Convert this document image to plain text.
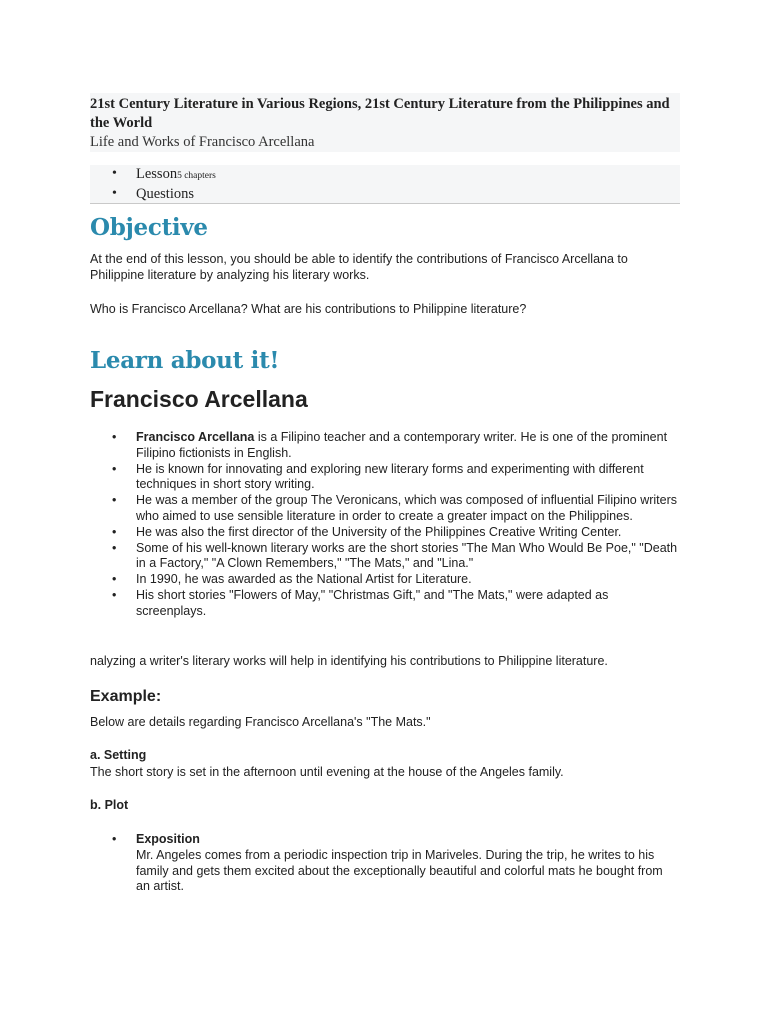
21st Century Literature in Various Regions, 21st Century Literature from the Philippines and the World

Life and Works of Francisco Arcellana

• Lesson5 chapters
• Questions
Objective

At the end of this lesson, you should be able to identify the contributions of Francisco Arcellana to Philippine literature by analyzing his literary works.

Who is Francisco Arcellana? What are his contributions to Philippine literature?

Learn about it!
Francisco Arcellana
• Francisco Arcellana is a Filipino teacher and a contemporary writer. He is one of the prominent Filipino fictionists in English.
• He is known for innovating and exploring new literary forms and experimenting with different techniques in short story writing.
• He was a member of the group The Veronicans, which was composed of influential Filipino writers who aimed to use sensible literature in order to create a greater impact on the Philippines.
• He was also the first director of the University of the Philippines Creative Writing Center.
• Some of his well-known literary works are the short stories "The Man Who Would Be Poe," "Death in a Factory," "A Clown Remembers," "The Mats," and "Lina."
• In 1990, he was awarded as the National Artist for Literature.
• His short stories "Flowers of May," "Christmas Gift," and "The Mats," were adapted as screenplays.

nalyzing a writer's literary works will help in identifying his contributions to Philippine literature.

Example:

Below are details regarding Francisco Arcellana's "The Mats."

a. Setting

The short story is set in the afternoon until evening at the house of the Angeles family.

b. Plot

• Exposition
Mr. Angeles comes from a periodic inspection trip in Mariveles. During the trip, he writes to his family and gets them excited about the exceptionally beautiful and colorful mats he bought from an artist.
